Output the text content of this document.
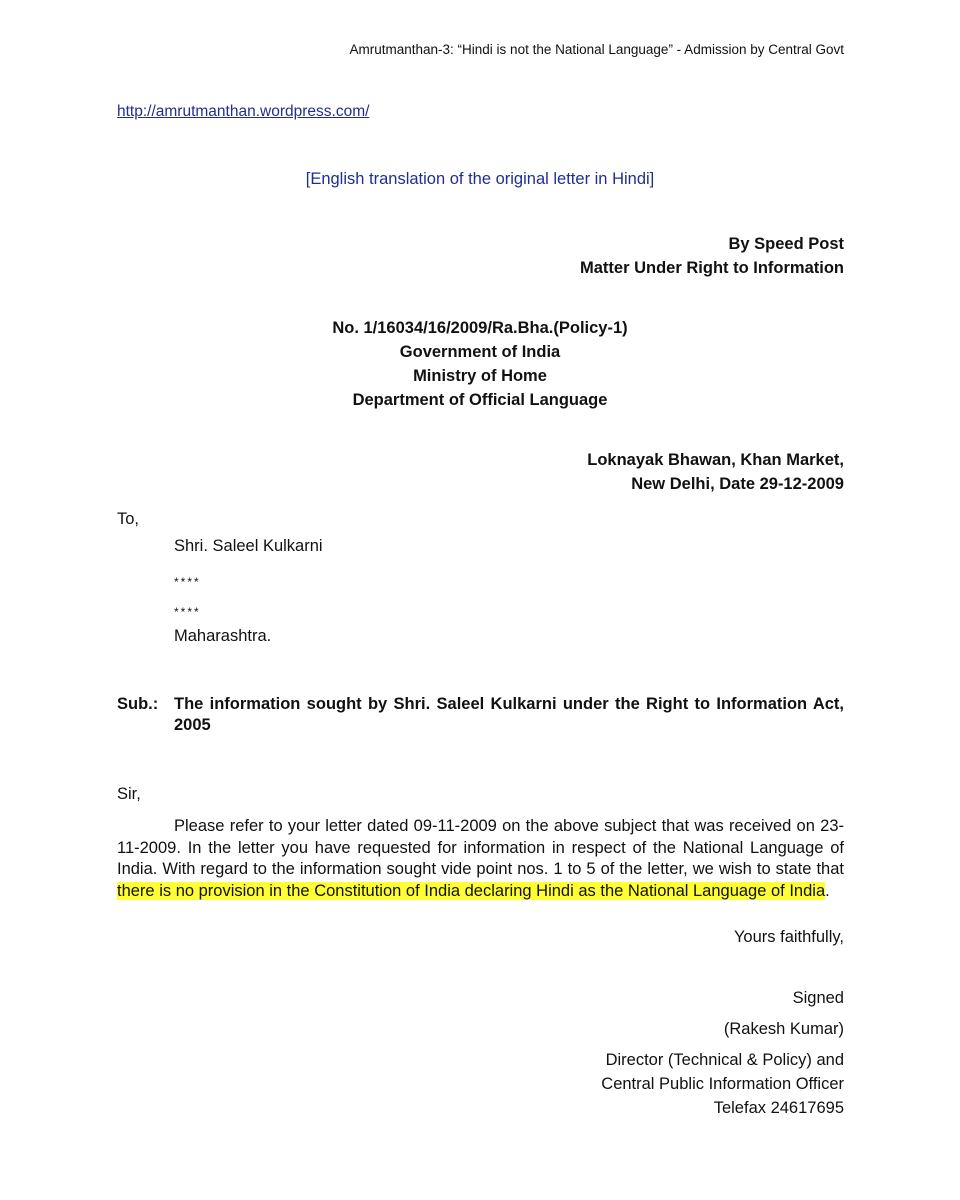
Amrutmanthan-3: “Hindi is not the National Language” - Admission by Central Govt
http://amrutmanthan.wordpress.com/
[English translation of the original letter in Hindi]
By Speed Post
Matter Under Right to Information
No. 1/16034/16/2009/Ra.Bha.(Policy-1)
Government of India
Ministry of Home
Department of Official Language
Loknayak Bhawan, Khan Market,
New Delhi, Date 29-12-2009
To,
Shri. Saleel Kulkarni
****
****
Maharashtra.
Sub.: The information sought by Shri. Saleel Kulkarni under the Right to Information Act, 2005
Sir,
Please refer to your letter dated 09-11-2009 on the above subject that was received on 23-11-2009. In the letter you have requested for information in respect of the National Language of India. With regard to the information sought vide point nos. 1 to 5 of the letter, we wish to state that there is no provision in the Constitution of India declaring Hindi as the National Language of India.
Yours faithfully,
Signed
(Rakesh Kumar)
Director (Technical & Policy) and
Central Public Information Officer
Telefax 24617695
